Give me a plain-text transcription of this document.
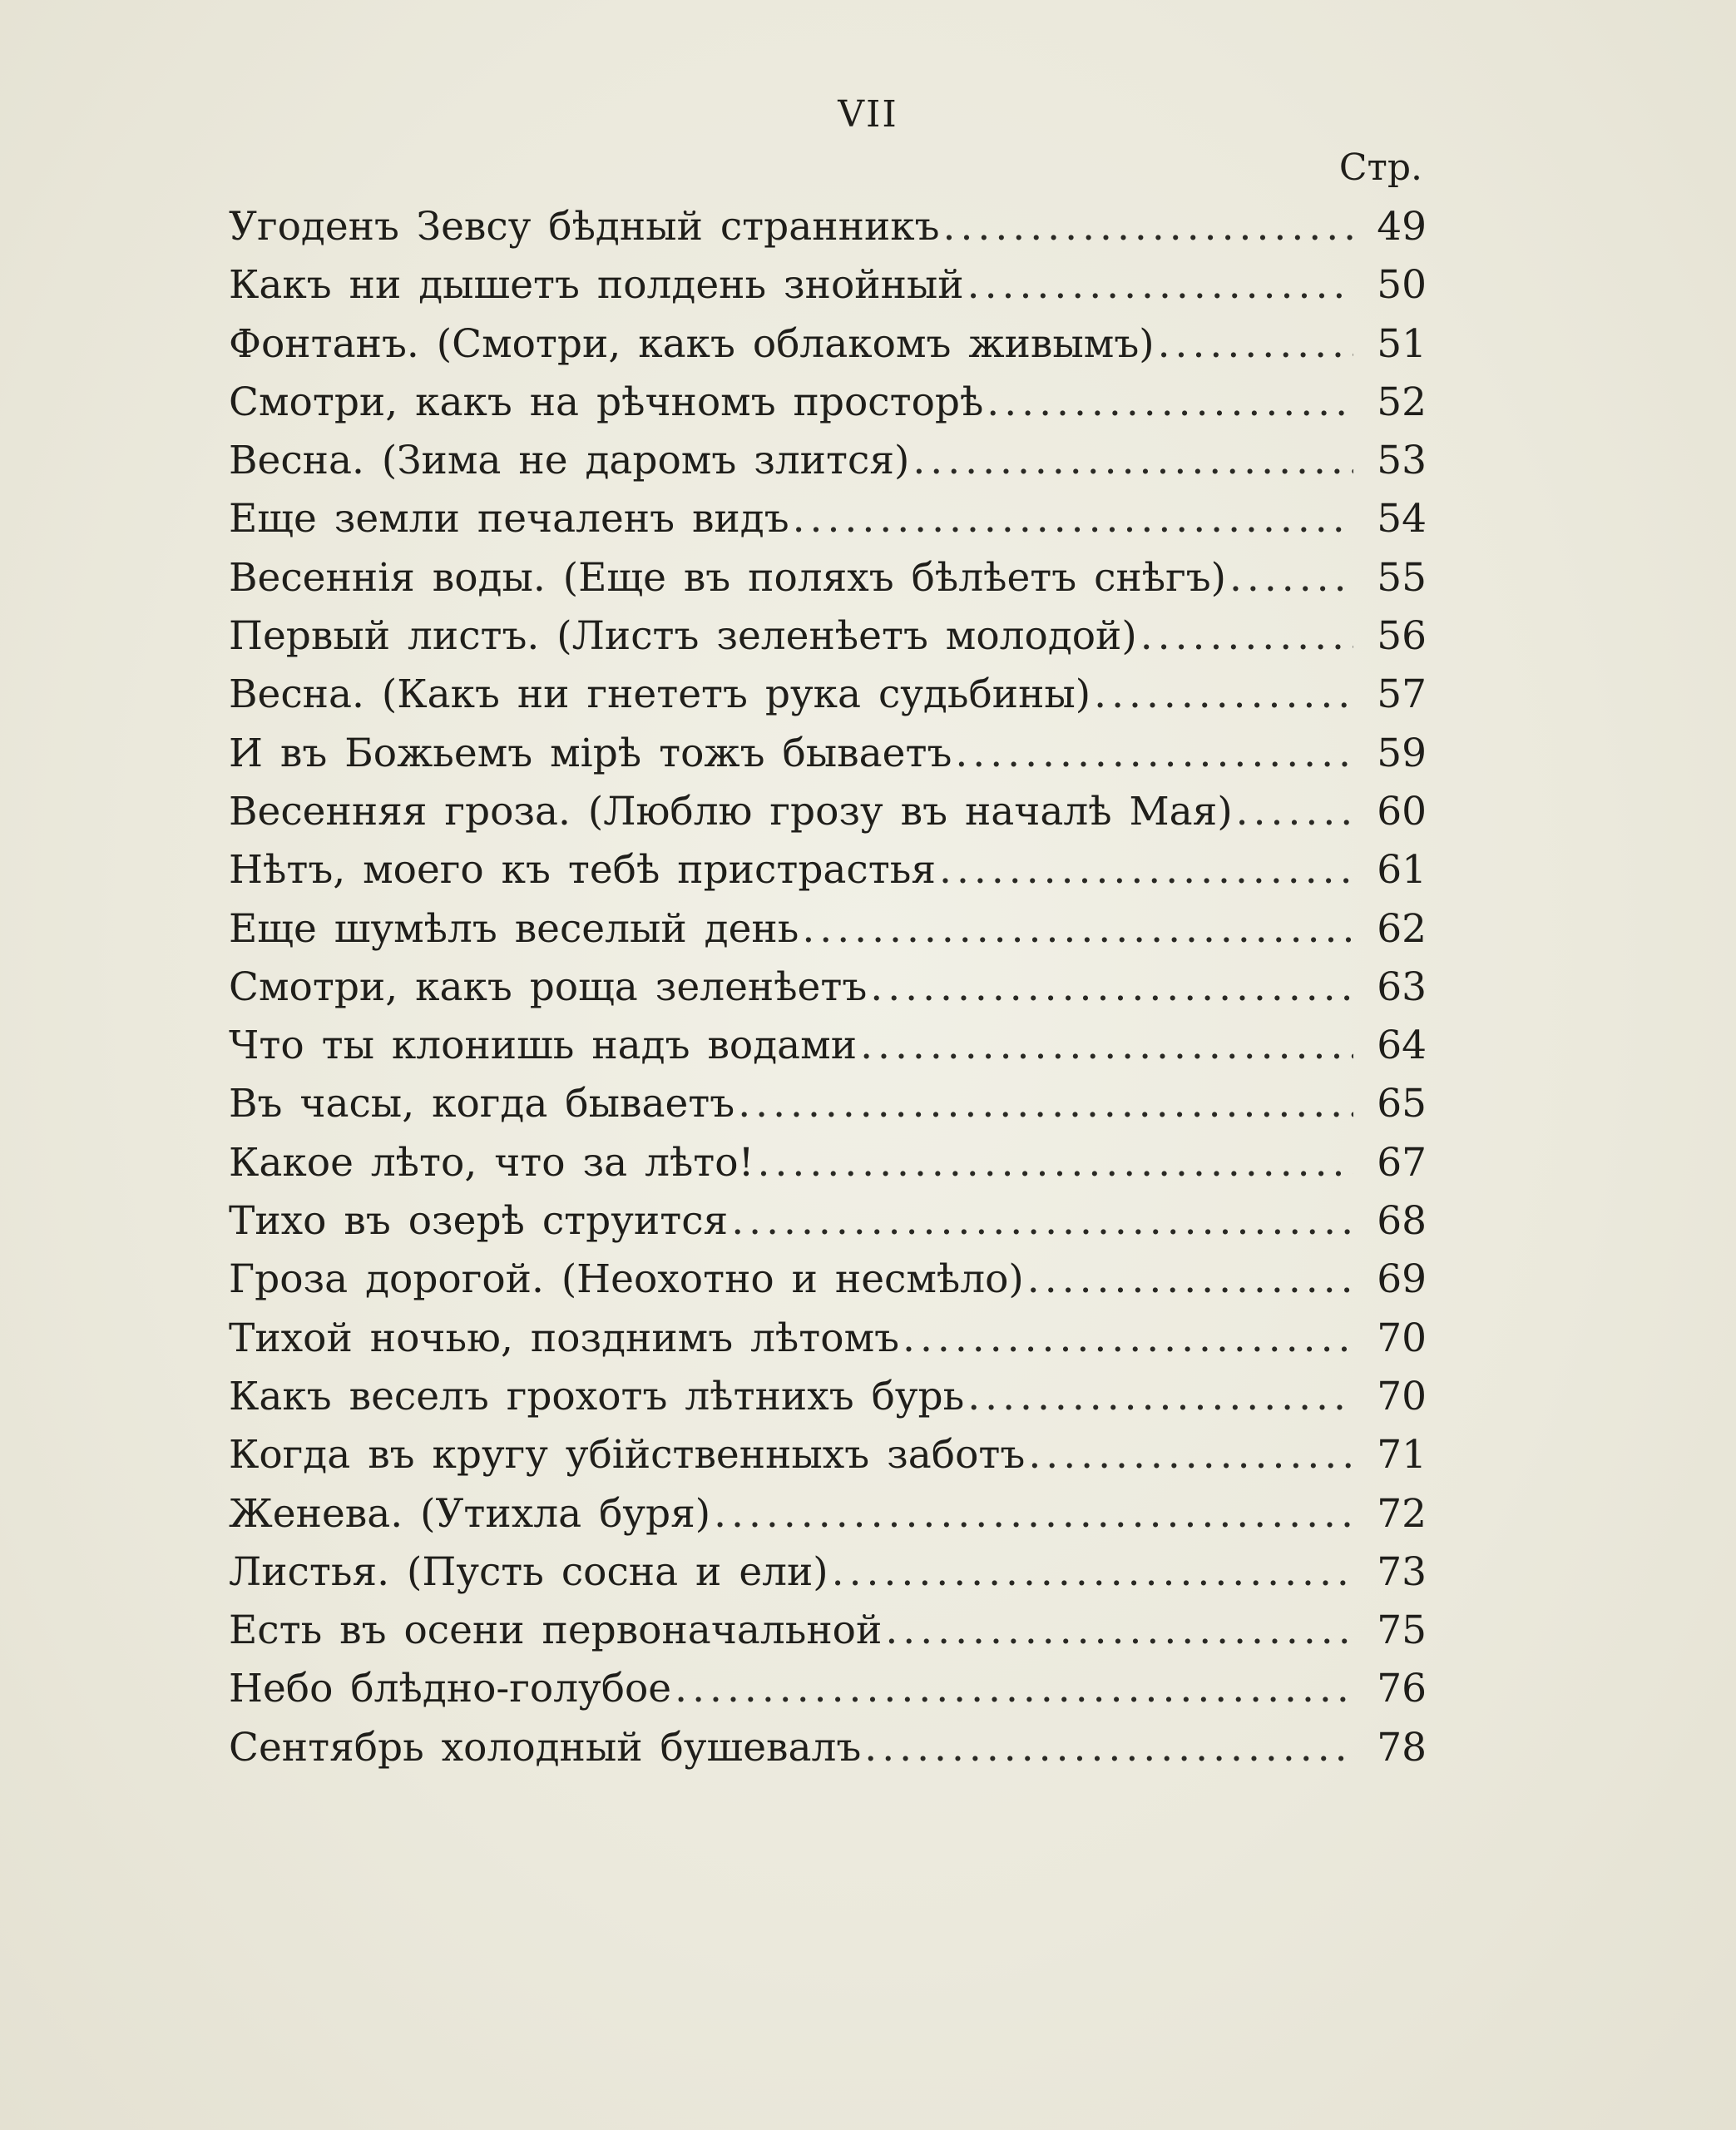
VII
Стр.
Угоденъ Зевсу бѣдный странникъ .....	49
Какъ ни дышетъ полдень знойный .....	50
Фонтанъ. (Смотри, какъ облакомъ живымъ) .....	51
Смотри, какъ на рѣчномъ просторѣ .....	52
Весна. (Зима не даромъ злится) .....	53
Еще земли печаленъ видъ .....	54
Весеннія воды. (Еще въ поляхъ бѣлѣетъ снѣгъ) .....	55
Первый листъ. (Листъ зеленѣетъ молодой) .....	56
Весна. (Какъ ни гнететъ рука судьбины) .....	57
И въ Божьемъ мірѣ тожъ бываетъ .....	59
Весенняя гроза. (Люблю грозу въ началѣ Мая) .....	60
Нѣтъ, моего къ тебѣ пристрастья .....	61
Еще шумѣлъ веселый день .....	62
Смотри, какъ роща зеленѣетъ .....	63
Что ты клонишь надъ водами .....	64
Въ часы, когда бываетъ .....	65
Какое лѣто, что за лѣто! .....	67
Тихо въ озерѣ струится .....	68
Гроза дорогой. (Неохотно и несмѣло) .....	69
Тихой ночью, позднимъ лѣтомъ .....	70
Какъ веселъ грохотъ лѣтнихъ бурь .....	70
Когда въ кругу убійственныхъ заботъ .....	71
Женева. (Утихла буря) .....	72
Листья. (Пусть сосна и ели) .....	73
Есть въ осени первоначальной .....	75
Небо блѣдно-голубое .....	76
Сентябрь холодный бушевалъ .....	78
